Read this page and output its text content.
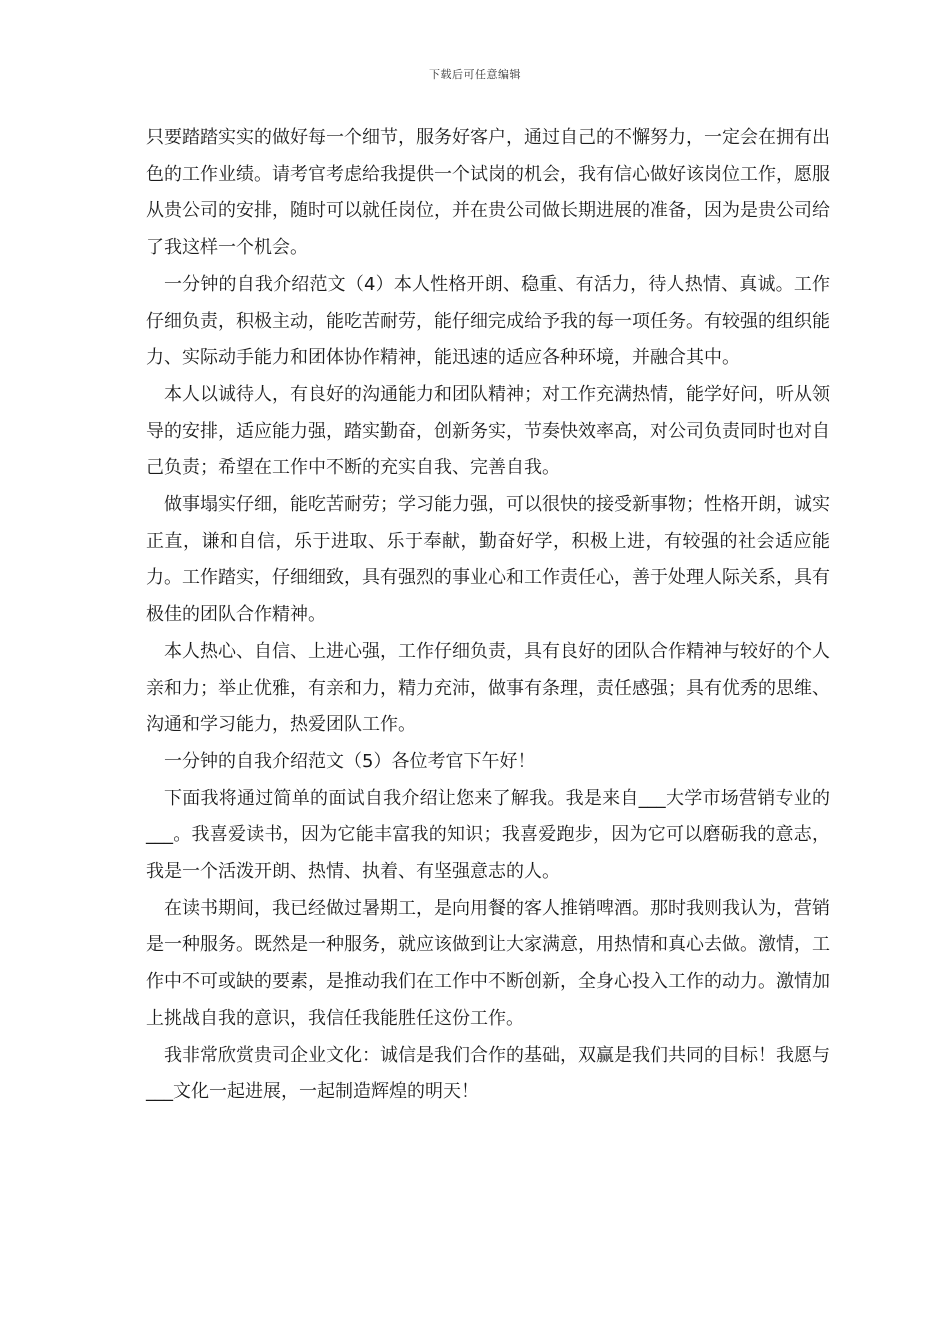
下载后可任意编辑

只要踏踏实实的做好每一个细节，服务好客户，通过自己的不懈努力，一定会在拥有出色的工作业绩。请考官考虑给我提供一个试岗的机会，我有信心做好该岗位工作，愿服从贵公司的安排，随时可以就任岗位，并在贵公司做长期进展的准备，因为是贵公司给了我这样一个机会。

一分钟的自我介绍范文（4）本人性格开朗、稳重、有活力，待人热情、真诚。工作仔细负责，积极主动，能吃苦耐劳，能仔细完成给予我的每一项任务。有较强的组织能力、实际动手能力和团体协作精神，能迅速的适应各种环境，并融合其中。

本人以诚待人，有良好的沟通能力和团队精神；对工作充满热情，能学好问，听从领导的安排，适应能力强，踏实勤奋，创新务实，节奏快效率高，对公司负责同时也对自己负责；希望在工作中不断的充实自我、完善自我。

做事塌实仔细，能吃苦耐劳；学习能力强，可以很快的接受新事物；性格开朗，诚实正直，谦和自信，乐于进取、乐于奉献，勤奋好学，积极上进，有较强的社会适应能力。工作踏实，仔细细致，具有强烈的事业心和工作责任心，善于处理人际关系，具有极佳的团队合作精神。

本人热心、自信、上进心强，工作仔细负责，具有良好的团队合作精神与较好的个人亲和力；举止优雅，有亲和力，精力充沛，做事有条理，责任感强；具有优秀的思维、沟通和学习能力，热爱团队工作。

一分钟的自我介绍范文（5）各位考官下午好！

下面我将通过简单的面试自我介绍让您来了解我。我是来自___大学市场营销专业的___。我喜爱读书，因为它能丰富我的知识；我喜爱跑步，因为它可以磨砺我的意志，我是一个活泼开朗、热情、执着、有坚强意志的人。

在读书期间，我已经做过暑期工，是向用餐的客人推销啤酒。那时我则我认为，营销是一种服务。既然是一种服务，就应该做到让大家满意，用热情和真心去做。激情，工作中不可或缺的要素，是推动我们在工作中不断创新，全身心投入工作的动力。激情加上挑战自我的意识，我信任我能胜任这份工作。

我非常欣赏贵司企业文化：诚信是我们合作的基础，双赢是我们共同的目标！我愿与___文化一起进展，一起制造辉煌的明天！
